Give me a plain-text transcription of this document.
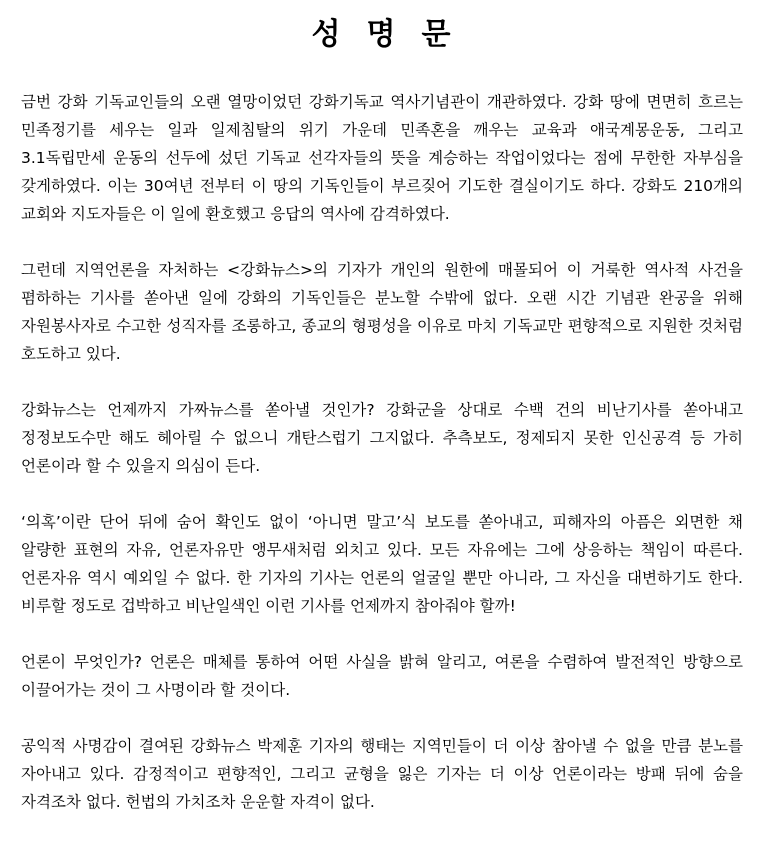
성명문

금번 강화 기독교인들의 오랜 열망이었던 강화기독교 역사기념관이 개관하였다. 강화 땅에 면면히 흐르는 민족정기를 세우는 일과 일제침탈의 위기 가운데 민족혼을 깨우는 교육과 애국계몽운동, 그리고 3.1독립만세 운동의 선두에 섰던 기독교 선각자들의 뜻을 계승하는 작업이었다는 점에 무한한 자부심을 갖게하였다. 이는 30여년 전부터 이 땅의 기독인들이 부르짖어 기도한 결실이기도 하다. 강화도 210개의 교회와 지도자들은 이 일에 환호했고 응답의 역사에 감격하였다.

그런데 지역언론을 자처하는 <강화뉴스>의 기자가 개인의 원한에 매몰되어 이 거룩한 역사적 사건을 폄하하는 기사를 쏟아낸 일에 강화의 기독인들은 분노할 수밖에 없다. 오랜 시간 기념관 완공을 위해 자원봉사자로 수고한 성직자를 조롱하고, 종교의 형평성을 이유로 마치 기독교만 편향적으로 지원한 것처럼 호도하고 있다.

강화뉴스는 언제까지 가짜뉴스를 쏟아낼 것인가? 강화군을 상대로 수백 건의 비난기사를 쏟아내고 정정보도수만 해도 헤아릴 수 없으니 개탄스럽기 그지없다. 추측보도, 정제되지 못한 인신공격 등 가히 언론이라 할 수 있을지 의심이 든다.

‘의혹’이란 단어 뒤에 숨어 확인도 없이 ‘아니면 말고’식 보도를 쏟아내고, 피해자의 아픔은 외면한 채 알량한 표현의 자유, 언론자유만 앵무새처럼 외치고 있다. 모든 자유에는 그에 상응하는 책임이 따른다. 언론자유 역시 예외일 수 없다. 한 기자의 기사는 언론의 얼굴일 뿐만 아니라, 그 자신을 대변하기도 한다. 비루할 정도로 겁박하고 비난일색인 이런 기사를 언제까지 참아줘야 할까!

언론이 무엇인가? 언론은 매체를 통하여 어떤 사실을 밝혀 알리고, 여론을 수렴하여 발전적인 방향으로 이끌어가는 것이 그 사명이라 할 것이다.

공익적 사명감이 결여된 강화뉴스 박제훈 기자의 행태는 지역민들이 더 이상 참아낼 수 없을 만큼 분노를 자아내고 있다. 감정적이고 편향적인, 그리고 균형을 잃은 기자는 더 이상 언론이라는 방패 뒤에 숨을 자격조차 없다. 헌법의 가치조차 운운할 자격이 없다.
